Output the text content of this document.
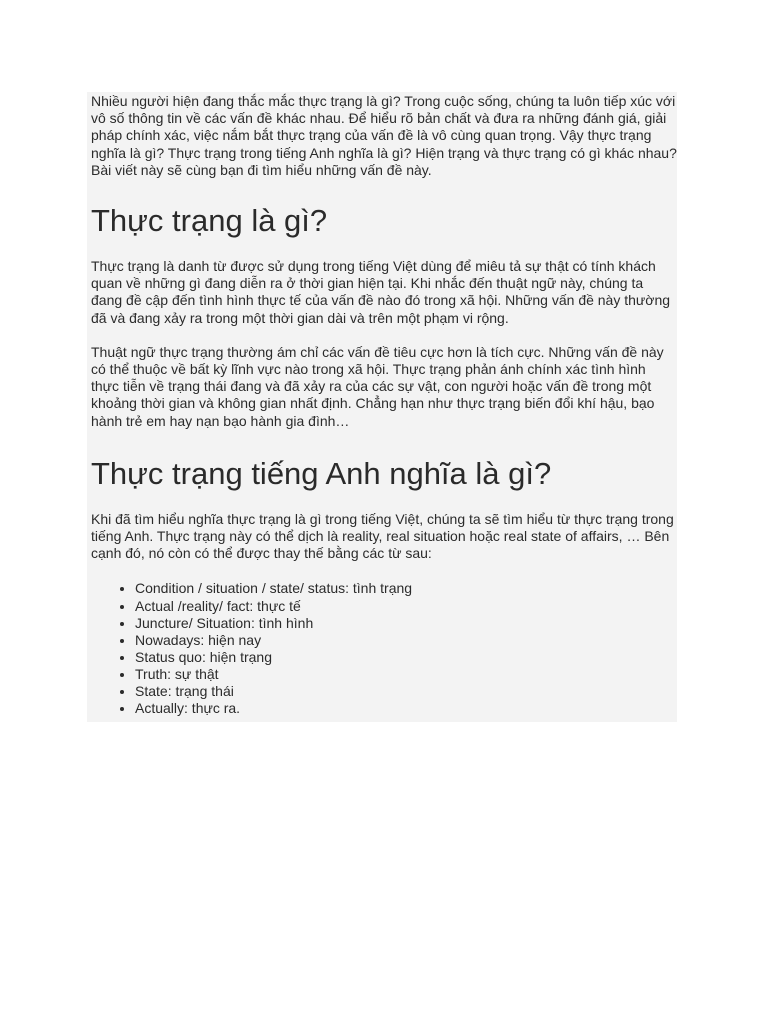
Nhiều người hiện đang thắc mắc thực trạng là gì? Trong cuộc sống, chúng ta luôn tiếp xúc với vô số thông tin về các vấn đề khác nhau. Để hiểu rõ bản chất và đưa ra những đánh giá, giải pháp chính xác, việc nắm bắt thực trạng của vấn đề là vô cùng quan trọng. Vậy thực trạng nghĩa là gì? Thực trạng trong tiếng Anh nghĩa là gì? Hiện trạng và thực trạng có gì khác nhau? Bài viết này sẽ cùng bạn đi tìm hiểu những vấn đề này.

Thực trạng là gì?

Thực trạng là danh từ được sử dụng trong tiếng Việt dùng để miêu tả sự thật có tính khách quan về những gì đang diễn ra ở thời gian hiện tại. Khi nhắc đến thuật ngữ này, chúng ta đang đề cập đến tình hình thực tế của vấn đề nào đó trong xã hội. Những vấn đề này thường đã và đang xảy ra trong một thời gian dài và trên một phạm vi rộng.

Thuật ngữ thực trạng thường ám chỉ các vấn đề tiêu cực hơn là tích cực. Những vấn đề này có thể thuộc về bất kỳ lĩnh vực nào trong xã hội. Thực trạng phản ánh chính xác tình hình thực tiễn về trạng thái đang và đã xảy ra của các sự vật, con người hoặc vấn đề trong một khoảng thời gian và không gian nhất định. Chẳng hạn như thực trạng biến đổi khí hậu, bạo hành trẻ em hay nạn bạo hành gia đình…

Thực trạng tiếng Anh nghĩa là gì?

Khi đã tìm hiểu nghĩa thực trạng là gì trong tiếng Việt, chúng ta sẽ tìm hiểu từ thực trạng trong tiếng Anh. Thực trạng này có thể dịch là reality, real situation hoặc real state of affairs, … Bên cạnh đó, nó còn có thể được thay thế bằng các từ sau:

• Condition / situation / state/ status: tình trạng
• Actual /reality/ fact: thực tế
• Juncture/ Situation: tình hình
• Nowadays: hiện nay
• Status quo: hiện trạng
• Truth: sự thật
• State: trạng thái
• Actually: thực ra.
